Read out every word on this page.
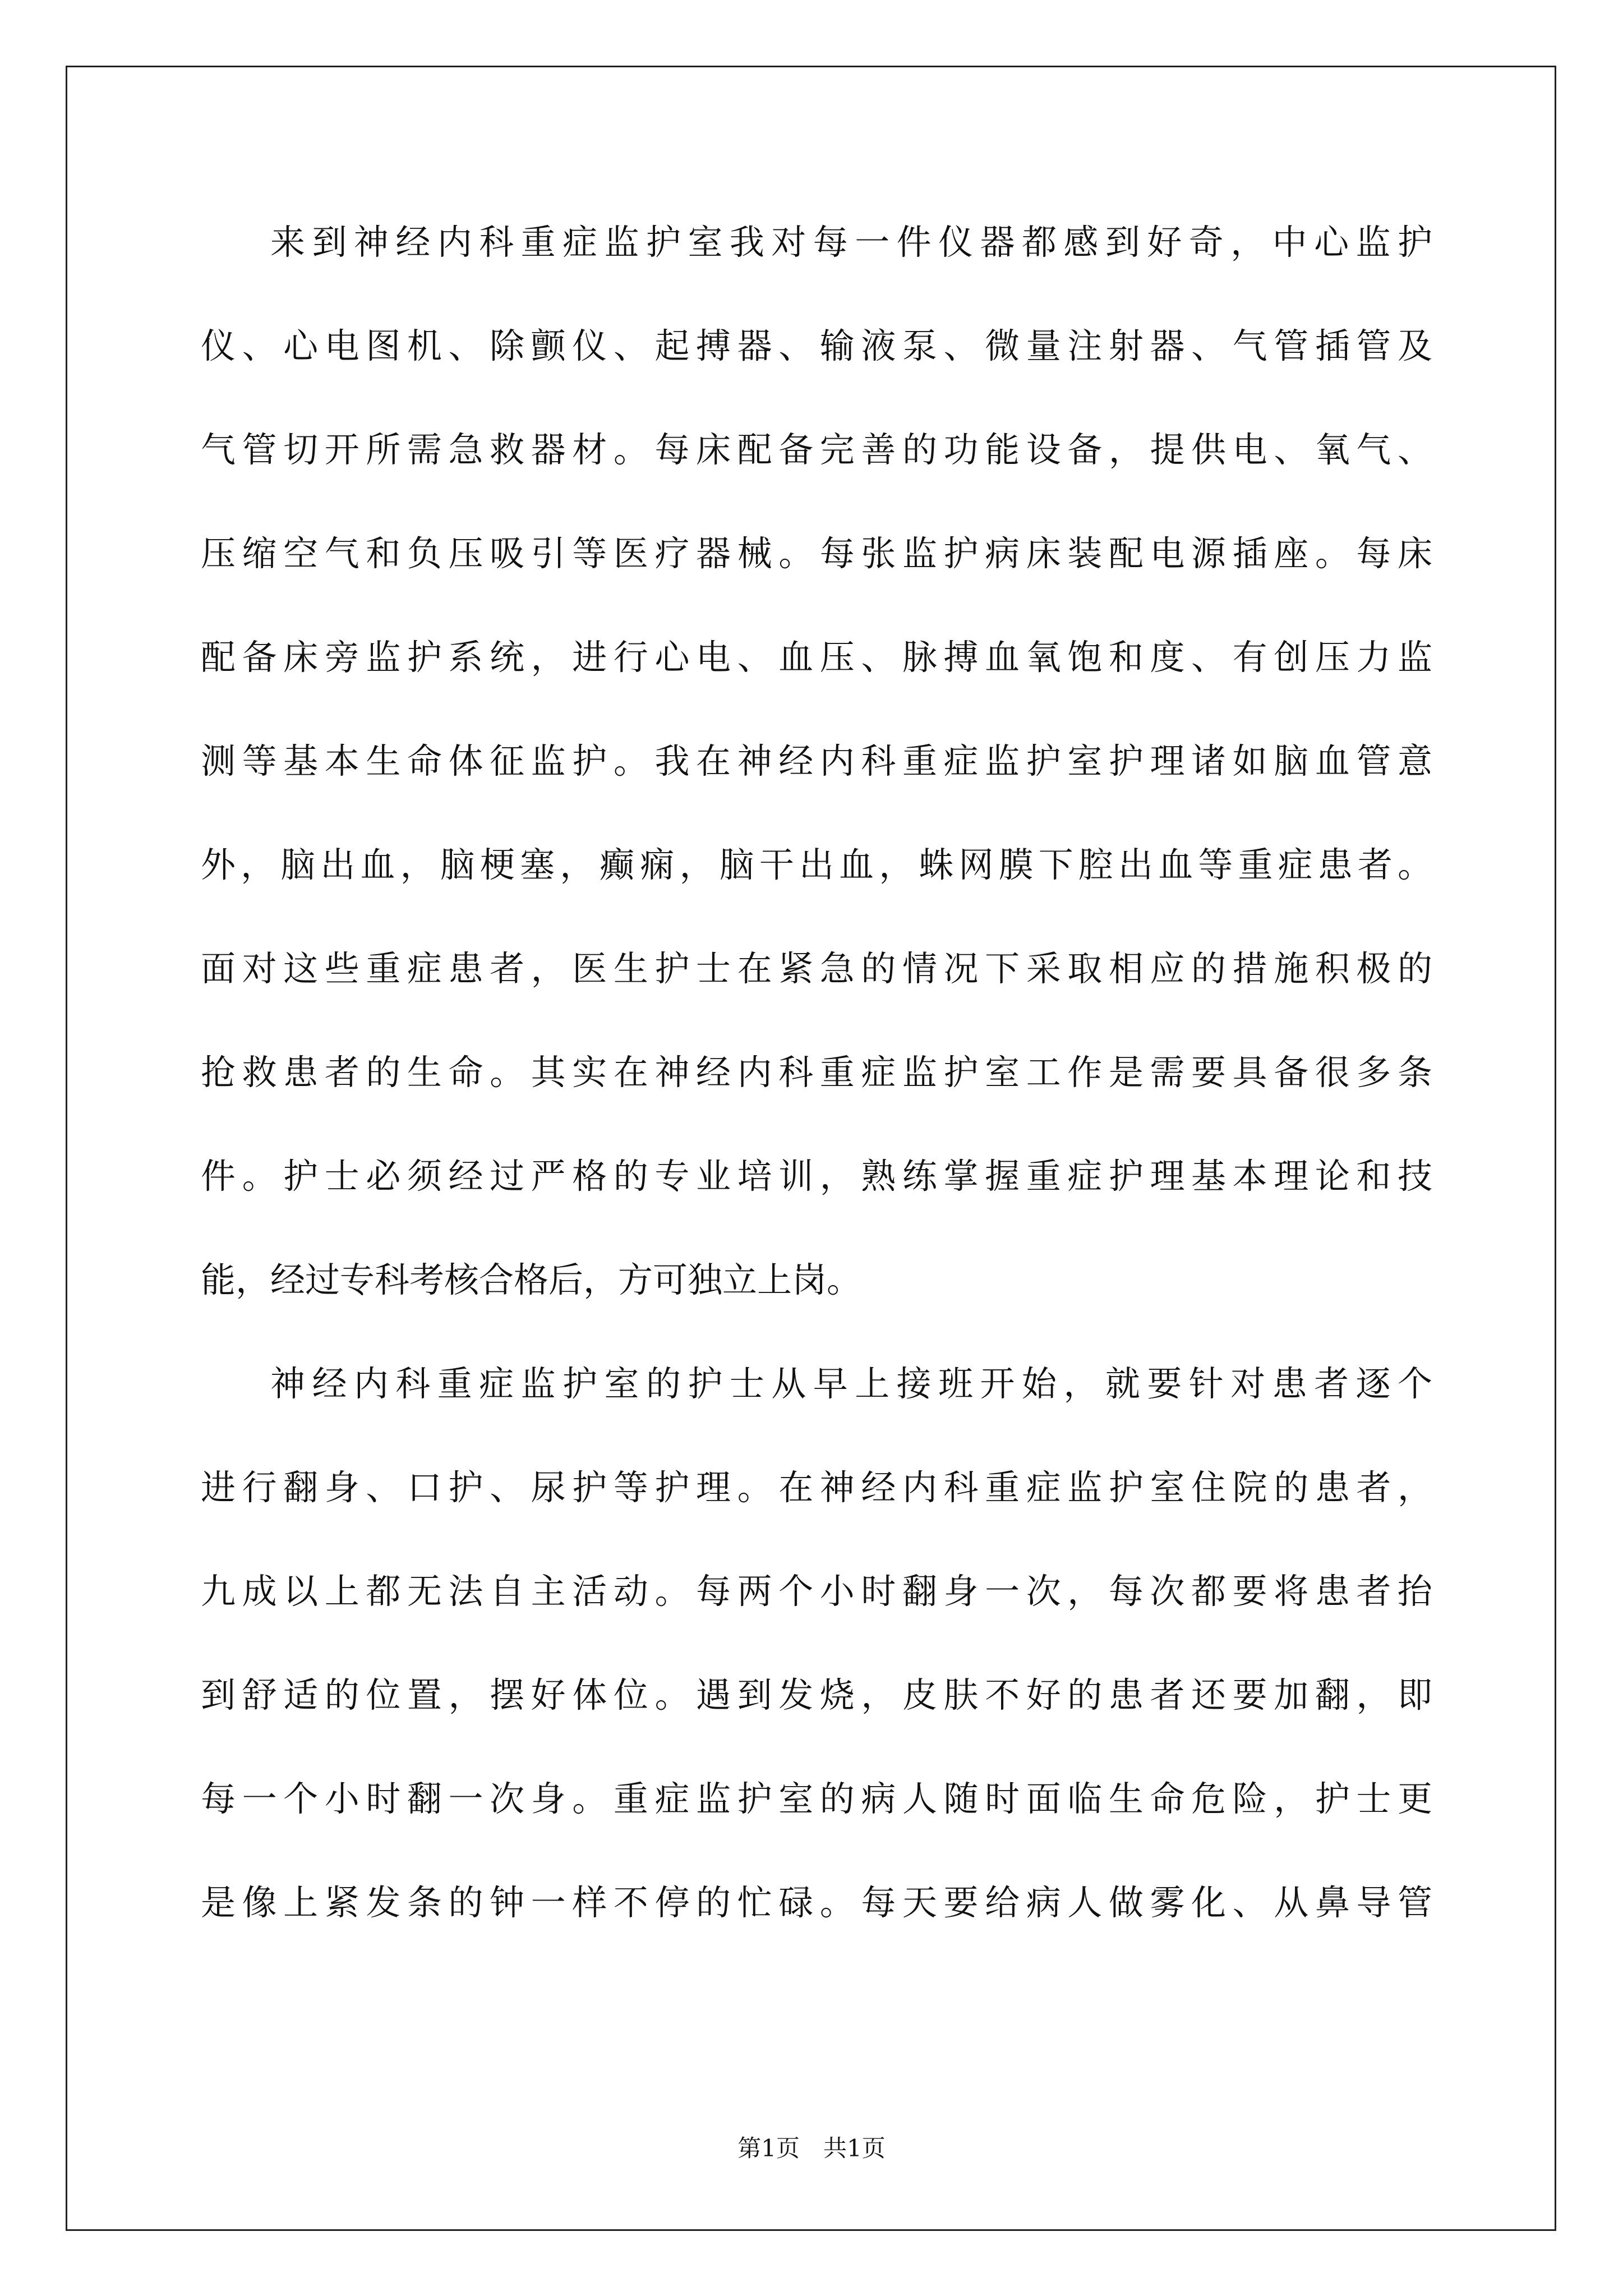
来到神经内科重症监护室我对每一件仪器都感到好奇，中心监护
仪、心电图机、除颤仪、起搏器、输液泵、微量注射器、气管插管及
气管切开所需急救器材。每床配备完善的功能设备，提供电、氧气、
压缩空气和负压吸引等医疗器械。每张监护病床装配电源插座。每床
配备床旁监护系统，进行心电、血压、脉搏血氧饱和度、有创压力监
测等基本生命体征监护。我在神经内科重症监护室护理诸如脑血管意
外，脑出血，脑梗塞，癫痫，脑干出血，蛛网膜下腔出血等重症患者。
面对这些重症患者，医生护士在紧急的情况下采取相应的措施积极的
抢救患者的生命。其实在神经内科重症监护室工作是需要具备很多条
件。护士必须经过严格的专业培训，熟练掌握重症护理基本理论和技
能，经过专科考核合格后，方可独立上岗。
神经内科重症监护室的护士从早上接班开始，就要针对患者逐个
进行翻身、口护、尿护等护理。在神经内科重症监护室住院的患者，
九成以上都无法自主活动。每两个小时翻身一次，每次都要将患者抬
到舒适的位置，摆好体位。遇到发烧，皮肤不好的患者还要加翻，即
每一个小时翻一次身。重症监护室的病人随时面临生命危险，护士更
是像上紧发条的钟一样不停的忙碌。每天要给病人做雾化、从鼻导管
第1页　共1页
